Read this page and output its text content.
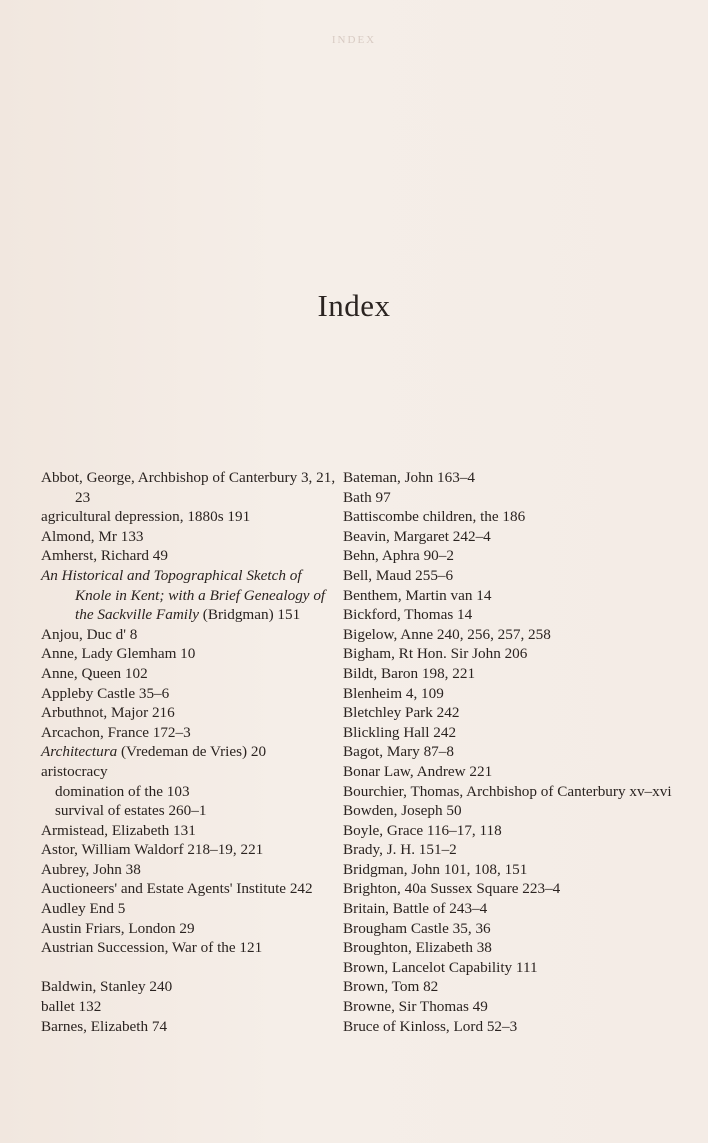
INDEX
Index

Abbot, George, Archbishop of Canterbury 3, 21, 23

agricultural depression, 1880s 191

Almond, Mr 133

Amherst, Richard 49

An Historical and Topographical Sketch of Knole in Kent; with a Brief Genealogy of the Sackville Family (Bridgman) 151

Anjou, Duc d' 8

Anne, Lady Glemham 10

Anne, Queen 102

Appleby Castle 35–6

Arbuthnot, Major 216

Arcachon, France 172–3

Architectura (Vredeman de Vries) 20

aristocracy

domination of the 103

survival of estates 260–1

Armistead, Elizabeth 131

Astor, William Waldorf 218–19, 221

Aubrey, John 38

Auctioneers' and Estate Agents' Institute 242

Audley End 5

Austin Friars, London 29

Austrian Succession, War of the 121

Baldwin, Stanley 240

ballet 132

Barnes, Elizabeth 74

Bateman, John 163–4

Bath 97

Battiscombe children, the 186

Beavin, Margaret 242–4

Behn, Aphra 90–2

Bell, Maud 255–6

Benthem, Martin van 14

Bickford, Thomas 14

Bigelow, Anne 240, 256, 257, 258

Bigham, Rt Hon. Sir John 206

Bildt, Baron 198, 221

Blenheim 4, 109

Bletchley Park 242

Blickling Hall 242

Bagot, Mary 87–8

Bonar Law, Andrew 221

Bourchier, Thomas, Archbishop of Canterbury xv–xvi

Bowden, Joseph 50

Boyle, Grace 116–17, 118

Brady, J. H. 151–2

Bridgman, John 101, 108, 151

Brighton, 40a Sussex Square 223–4

Britain, Battle of 243–4

Brougham Castle 35, 36

Broughton, Elizabeth 38

Brown, Lancelot Capability 111

Brown, Tom 82

Browne, Sir Thomas 49

Bruce of Kinloss, Lord 52–3
